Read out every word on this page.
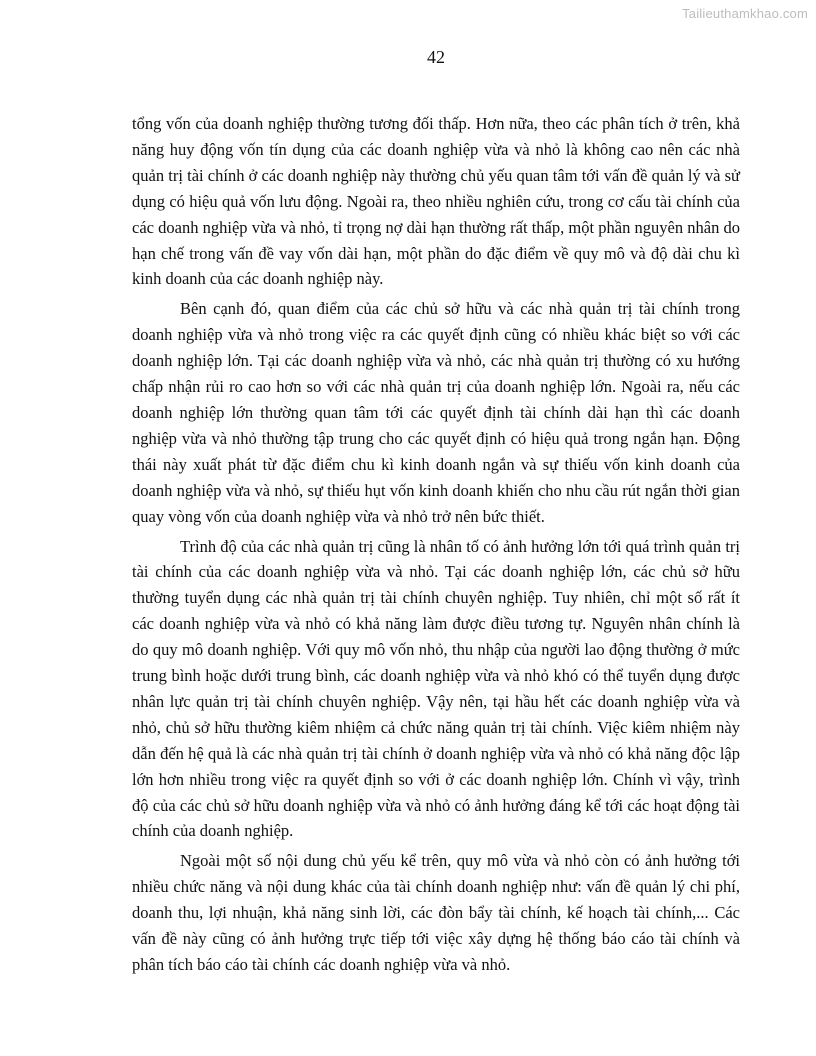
Tailieuthamkhao.com
42

tổng vốn của doanh nghiệp thường tương đối thấp. Hơn nữa, theo các phân tích ở trên, khả năng huy động vốn tín dụng của các doanh nghiệp vừa và nhỏ là không cao nên các nhà quản trị tài chính ở các doanh nghiệp này thường chủ yếu quan tâm tới vấn đề quản lý và sử dụng có hiệu quả vốn lưu động. Ngoài ra, theo nhiều nghiên cứu, trong cơ cấu tài chính của các doanh nghiệp vừa và nhỏ, tỉ trọng nợ dài hạn thường rất thấp, một phần nguyên nhân do hạn chế trong vấn đề vay vốn dài hạn, một phần do đặc điểm về quy mô và độ dài chu kì kinh doanh của các doanh nghiệp này.

Bên cạnh đó, quan điểm của các chủ sở hữu và các nhà quản trị tài chính trong doanh nghiệp vừa và nhỏ trong việc ra các quyết định cũng có nhiều khác biệt so với các doanh nghiệp lớn. Tại các doanh nghiệp vừa và nhỏ, các nhà quản trị thường có xu hướng chấp nhận rủi ro cao hơn so với các nhà quản trị của doanh nghiệp lớn. Ngoài ra, nếu các doanh nghiệp lớn thường quan tâm tới các quyết định tài chính dài hạn thì các doanh nghiệp vừa và nhỏ thường tập trung cho các quyết định có hiệu quả trong ngắn hạn. Động thái này xuất phát từ đặc điểm chu kì kinh doanh ngắn và sự thiếu vốn kinh doanh của doanh nghiệp vừa và nhỏ, sự thiếu hụt vốn kinh doanh khiến cho nhu cầu rút ngắn thời gian quay vòng vốn của doanh nghiệp vừa và nhỏ trở nên bức thiết.

Trình độ của các nhà quản trị cũng là nhân tố có ảnh hưởng lớn tới quá trình quản trị tài chính của các doanh nghiệp vừa và nhỏ. Tại các doanh nghiệp lớn, các chủ sở hữu thường tuyển dụng các nhà quản trị tài chính chuyên nghiệp. Tuy nhiên, chỉ một số rất ít các doanh nghiệp vừa và nhỏ có khả năng làm được điều tương tự. Nguyên nhân chính là do quy mô doanh nghiệp. Với quy mô vốn nhỏ, thu nhập của người lao động thường ở mức trung bình hoặc dưới trung bình, các doanh nghiệp vừa và nhỏ khó có thể tuyển dụng được nhân lực quản trị tài chính chuyên nghiệp. Vậy nên, tại hầu hết các doanh nghiệp vừa và nhỏ, chủ sở hữu thường kiêm nhiệm cả chức năng quản trị tài chính. Việc kiêm nhiệm này dẫn đến hệ quả là các nhà quản trị tài chính ở doanh nghiệp vừa và nhỏ có khả năng độc lập lớn hơn nhiều trong việc ra quyết định so với ở các doanh nghiệp lớn. Chính vì vậy, trình độ của các chủ sở hữu doanh nghiệp vừa và nhỏ có ảnh hưởng đáng kể tới các hoạt động tài chính của doanh nghiệp.

Ngoài một số nội dung chủ yếu kể trên, quy mô vừa và nhỏ còn có ảnh hưởng tới nhiều chức năng và nội dung khác của tài chính doanh nghiệp như: vấn đề quản lý chi phí, doanh thu, lợi nhuận, khả năng sinh lời, các đòn bẩy tài chính, kế hoạch tài chính,... Các vấn đề này cũng có ảnh hưởng trực tiếp tới việc xây dựng hệ thống báo cáo tài chính và phân tích báo cáo tài chính các doanh nghiệp vừa và nhỏ.
